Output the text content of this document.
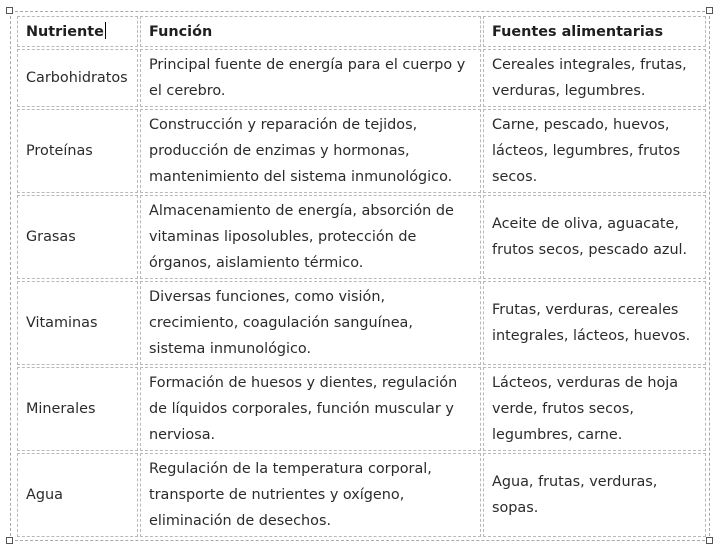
Nutriente	Función	Fuentes alimentarias
Carbohidratos	Principal fuente de energía para el cuerpo y el cerebro.	Cereales integrales, frutas, verduras, legumbres.
Proteínas	Construcción y reparación de tejidos, producción de enzimas y hormonas, mantenimiento del sistema inmunológico.	Carne, pescado, huevos, lácteos, legumbres, frutos secos.
Grasas	Almacenamiento de energía, absorción de vitaminas liposolubles, protección de órganos, aislamiento térmico.	Aceite de oliva, aguacate, frutos secos, pescado azul.
Vitaminas	Diversas funciones, como visión, crecimiento, coagulación sanguínea, sistema inmunológico.	Frutas, verduras, cereales integrales, lácteos, huevos.
Minerales	Formación de huesos y dientes, regulación de líquidos corporales, función muscular y nerviosa.	Lácteos, verduras de hoja verde, frutos secos, legumbres, carne.
Agua	Regulación de la temperatura corporal, transporte de nutrientes y oxígeno, eliminación de desechos.	Agua, frutas, verduras, sopas.
